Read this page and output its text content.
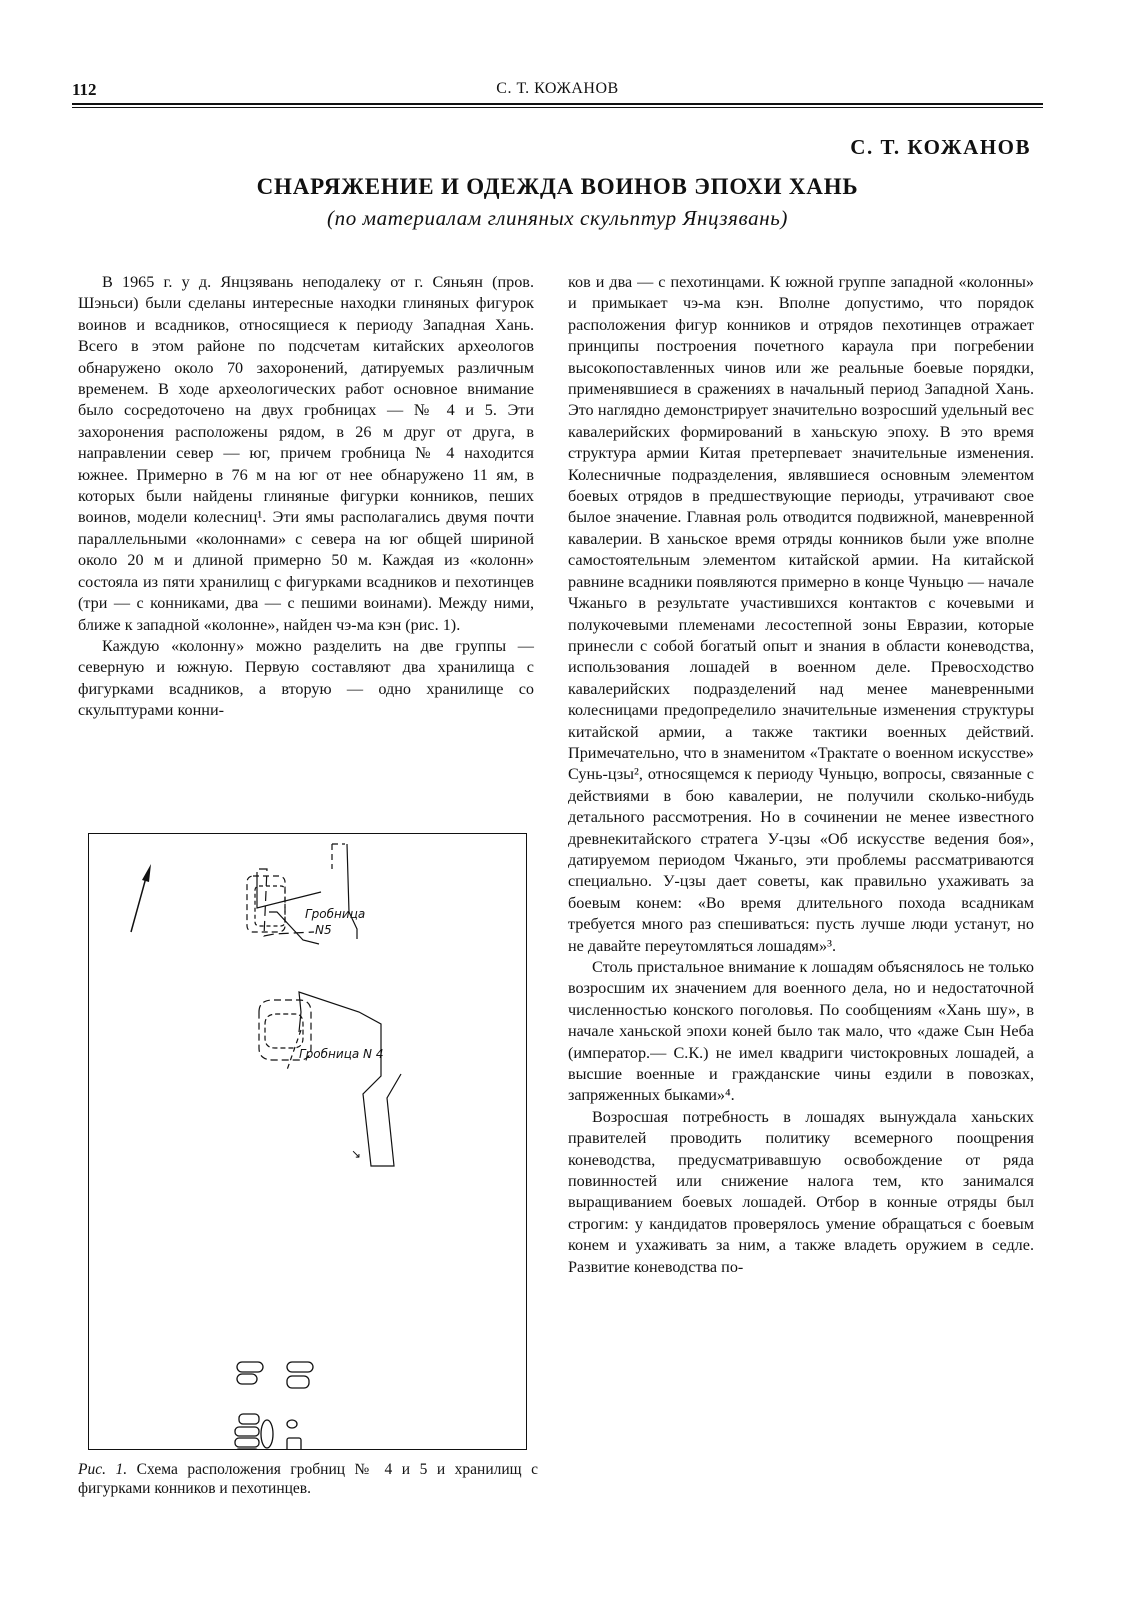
112	С. Т. КОЖАНОВ
С. Т. КОЖАНОВ
СНАРЯЖЕНИЕ И ОДЕЖДА ВОИНОВ ЭПОХИ ХАНЬ
(по материалам глиняных скульптур Янцзявань)

В 1965 г. у д. Янцзявань неподалеку от г. Сяньян (пров. Шэньси) были сделаны интересные находки глиняных фигурок воинов и всадников, относящиеся к периоду Западная Хань. Всего в этом районе по подсчетам китайских археологов обнаружено около 70 захоронений, датируемых различным временем. В ходе археологических работ основное внимание было сосредоточено на двух гробницах — № 4 и 5. Эти захоронения расположены рядом, в 26 м друг от друга, в направлении север — юг, причем гробница № 4 находится южнее. Примерно в 76 м на юг от нее обнаружено 11 ям, в которых были найдены глиняные фигурки конников, пеших воинов, модели колесниц¹. Эти ямы располагались двумя почти параллельными «колоннами» с севера на юг общей шириной около 20 м и длиной примерно 50 м. Каждая из «колонн» состояла из пяти хранилищ с фигурками всадников и пехотинцев (три — с конниками, два — с пешими воинами). Между ними, ближе к западной «колонне», найден чэ-ма кэн (рис. 1).

Каждую «колонну» можно разделить на две группы — северную и южную. Первую составляют два хранилища с фигурками всадников, а вторую — одно хранилище со скульптурами конни-

Гробница
N5
Гробница N 4
↘
Рис. 1. Схема расположения гробниц № 4 и 5 и хранилищ с фигурками конников и пехотинцев.

ков и два — с пехотинцами. К южной группе западной «колонны» и примыкает чэ-ма кэн. Вполне допустимо, что порядок расположения фигур конников и отрядов пехотинцев отражает принципы построения почетного караула при погребении высокопоставленных чинов или же реальные боевые порядки, применявшиеся в сражениях в начальный период Западной Хань. Это наглядно демонстрирует значительно возросший удельный вес кавалерийских формирований в ханьскую эпоху. В это время структура армии Китая претерпевает значительные изменения. Колесничные подразделения, являвшиеся основным элементом боевых отрядов в предшествующие периоды, утрачивают свое былое значение. Главная роль отводится подвижной, маневренной кавалерии. В ханьское время отряды конников были уже вполне самостоятельным элементом китайской армии. На китайской равнине всадники появляются примерно в конце Чуньцю — начале Чжаньго в результате участившихся контактов с кочевыми и полукочевыми племенами лесостепной зоны Евразии, которые принесли с собой богатый опыт и знания в области коневодства, использования лошадей в военном деле. Превосходство кавалерийских подразделений над менее маневренными колесницами предопределило значительные изменения структуры китайской армии, а также тактики военных действий. Примечательно, что в знаменитом «Трактате о военном искусстве» Сунь-цзы², относящемся к периоду Чуньцю, вопросы, связанные с действиями в бою кавалерии, не получили сколько-нибудь детального рассмотрения. Но в сочинении не менее известного древнекитайского стратега У-цзы «Об искусстве ведения боя», датируемом периодом Чжаньго, эти проблемы рассматриваются специально. У-цзы дает советы, как правильно ухаживать за боевым конем: «Во время длительного похода всадникам требуется много раз спешиваться: пусть лучше люди устанут, но не давайте переутомляться лошадям»³.

Столь пристальное внимание к лошадям объяснялось не только возросшим их значением для военного дела, но и недостаточной численностью конского поголовья. По сообщениям «Хань шу», в начале ханьской эпохи коней было так мало, что «даже Сын Неба (император.— С.К.) не имел квадриги чистокровных лошадей, а высшие военные и гражданские чины ездили в повозках, запряженных быками»⁴.

Возросшая потребность в лошадях вынуждала ханьских правителей проводить политику всемерного поощрения коневодства, предусматривавшую освобождение от ряда повинностей или снижение налога тем, кто занимался выращиванием боевых лошадей. Отбор в конные отряды был строгим: у кандидатов проверялось умение обращаться с боевым конем и ухаживать за ним, а также владеть оружием в седле. Развитие коневодства по-
